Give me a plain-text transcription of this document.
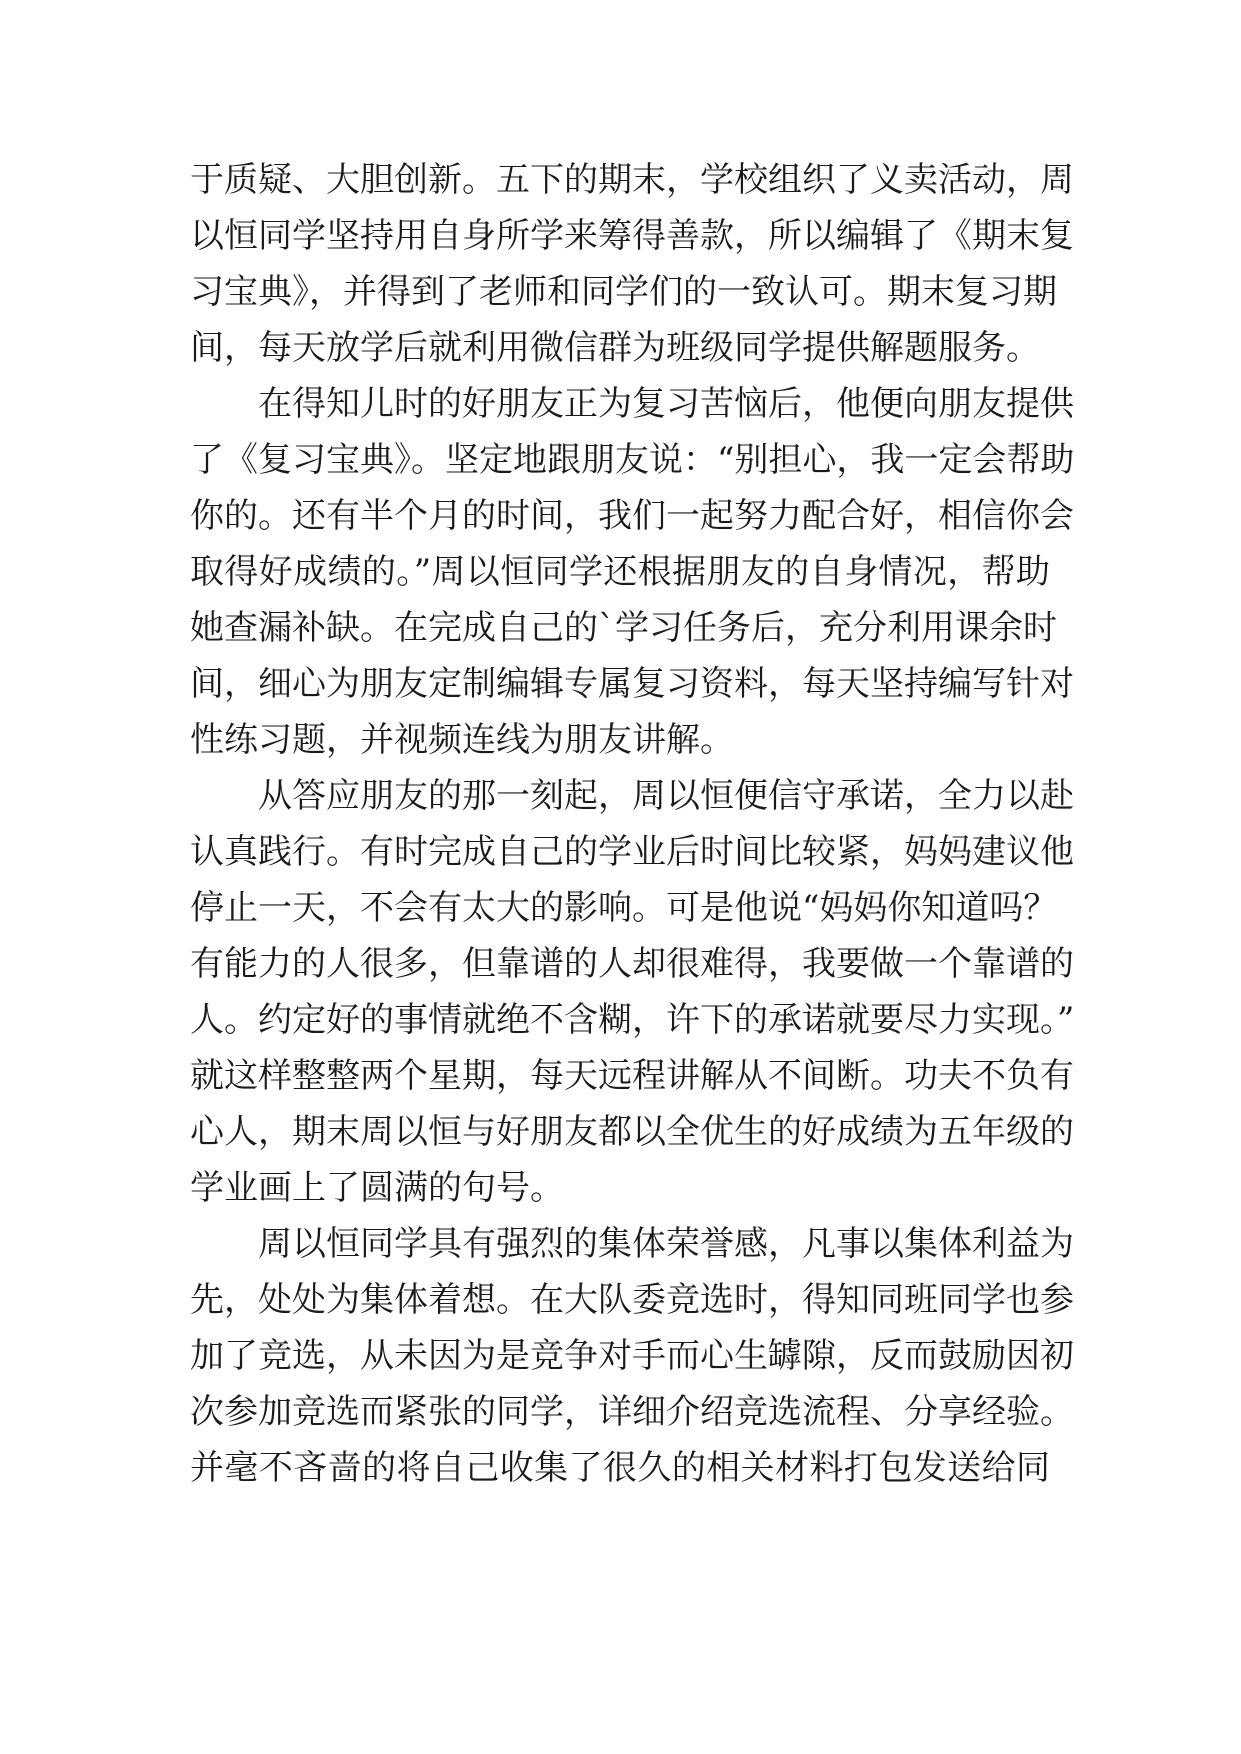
于质疑、大胆创新。五下的期末，学校组织了义卖活动，周
以恒同学坚持用自身所学来筹得善款，所以编辑了《期末复
习宝典》，并得到了老师和同学们的一致认可。期末复习期
间，每天放学后就利用微信群为班级同学提供解题服务。
在得知儿时的好朋友正为复习苦恼后，他便向朋友提供
了《复习宝典》。坚定地跟朋友说：“别担心，我一定会帮助
你的。还有半个月的时间，我们一起努力配合好，相信你会
取得好成绩的。”周以恒同学还根据朋友的自身情况，帮助
她查漏补缺。在完成自己的`学习任务后，充分利用课余时
间，细心为朋友定制编辑专属复习资料，每天坚持编写针对
性练习题，并视频连线为朋友讲解。
从答应朋友的那一刻起，周以恒便信守承诺，全力以赴
认真践行。有时完成自己的学业后时间比较紧，妈妈建议他
停止一天，不会有太大的影响。可是他说“妈妈你知道吗？
有能力的人很多，但靠谱的人却很难得，我要做一个靠谱的
人。约定好的事情就绝不含糊，许下的承诺就要尽力实现。”
就这样整整两个星期，每天远程讲解从不间断。功夫不负有
心人，期末周以恒与好朋友都以全优生的好成绩为五年级的
学业画上了圆满的句号。
周以恒同学具有强烈的集体荣誉感，凡事以集体利益为
先，处处为集体着想。在大队委竞选时，得知同班同学也参
加了竞选，从未因为是竞争对手而心生罅隙，反而鼓励因初
次参加竞选而紧张的同学，详细介绍竞选流程、分享经验。
并毫不吝啬的将自己收集了很久的相关材料打包发送给同
